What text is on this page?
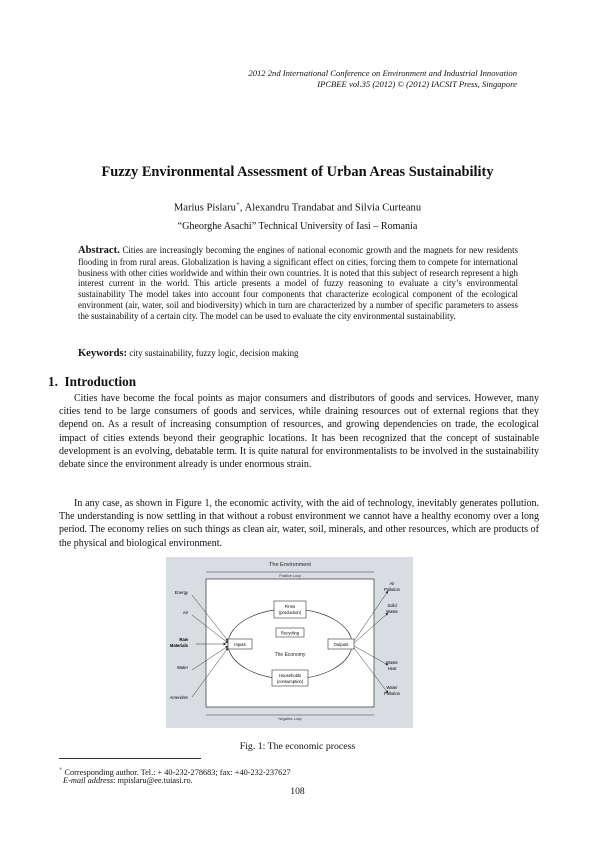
2012 2nd International Conference on Environment and Industrial Innovation
IPCBEE vol.35 (2012) © (2012) IACSIT Press, Singapore
Fuzzy Environmental Assessment of Urban Areas Sustainability
Marius Pislaru+, Alexandru Trandabat and Silvia Curteanu
“Gheorghe Asachi” Technical University of Iasi – Romania
Abstract. Cities are increasingly becoming the engines of national economic growth and the magnets for new residents flooding in from rural areas. Globalization is having a significant effect on cities, forcing them to compete for international business with other cities worldwide and within their own countries. It is noted that this subject of research represent a high interest current in the world. This article presents a model of fuzzy reasoning to evaluate a city’s environmental sustainability The model takes into account four components that characterize ecological component of the ecological environment (air, water, soil and biodiversity) which in turn are characterized by a number of specific parameters to assess the sustainability of a certain city. The model can be used to evaluate the city environmental sustainability.
Keywords: city sustainability, fuzzy logic, decision making
1. Introduction
Cities have become the focal points as major consumers and distributors of goods and services. However, many cities tend to be large consumers of goods and services, while draining resources out of external regions that they depend on. As a result of increasing consumption of resources, and growing dependencies on trade, the ecological impact of cities extends beyond their geographic locations. It has been recognized that the concept of sustainable development is an evolving, debatable term. It is quite natural for environmentalists to be involved in the sustainability debate since the environment already is under enormous strain.
In any case, as shown in Figure 1, the economic activity, with the aid of technology, inevitably generates pollution. The understanding is now settling in that without a robust environment we cannot have a healthy economy over a long period. The economy relies on such things as clean air, water, soil, minerals, and other resources, which are products of the physical and biological environment.
The Environment
Positive Loop
Negative Loop
The Economy
Firms
(production)
Recycling
Households
(consumption)
Inputs	Outputs
Energy
Air
Raw
Materials
Water
Amenities
Air
Pollution
Solid
Waste
Waste
Heat
Water
Pollution
Fig. 1: The economic process
+ Corresponding author. Tel.: + 40-232-278683; fax: +40-232-237627
E-mail address: mpislaru@ee.tuiasi.ro.
108
